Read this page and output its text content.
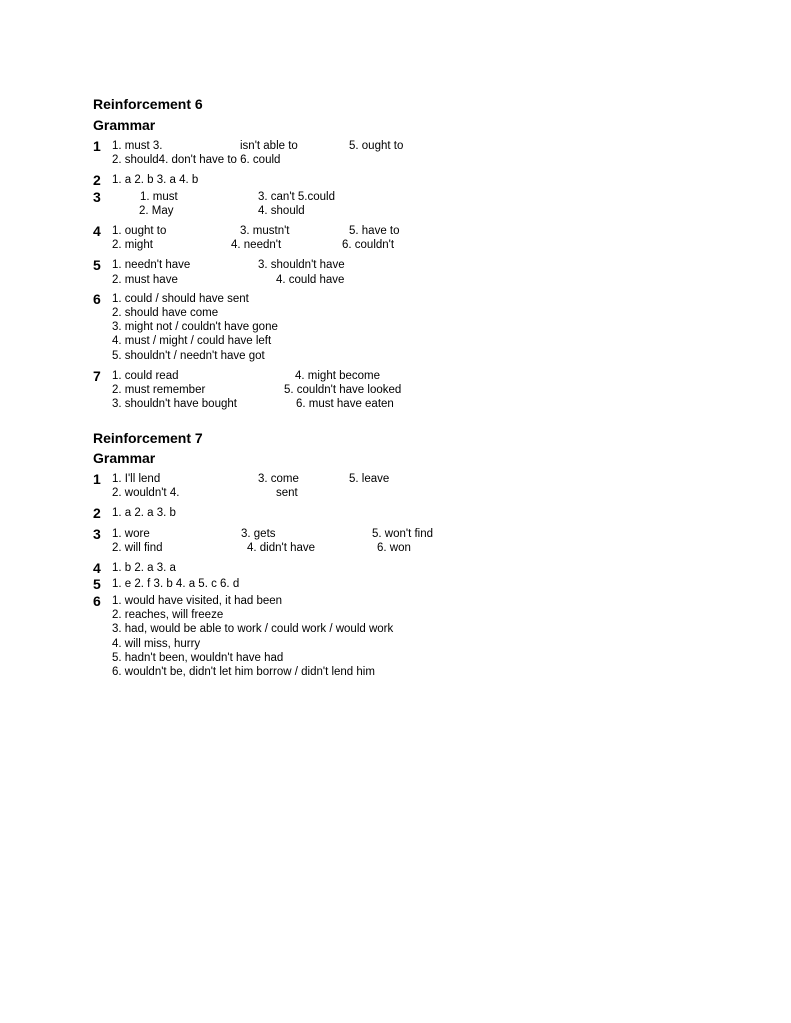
Reinforcement 6
Grammar
1 1. must 3.	isn't able to	5. ought to
2. should4. don't have to 6. could
2 1. a 2. b 3. a 4. b
3	1. must	3. can't 5.could
2. May	4. should
4 1. ought to	3. mustn't	5. have to
2. might	4. needn't	6. couldn't
5 1. needn't have	3. shouldn't have
2. must have	4. could have
6 1. could / should have sent
2. should have come
3. might not / couldn't have gone
4. must / might / could have left
5. shouldn't / needn't have got
7 1. could read	4. might become
2. must remember	5. couldn't have looked
3. shouldn't have bought	6. must have eaten
Reinforcement 7
Grammar
1 1. I'll lend	3. come	5. leave
2. wouldn't 4.	sent
2 1. a 2. a 3. b
3 1. wore	3. gets	5. won't find
2. will find	4. didn't have	6. won
4 1. b 2. a 3. a
5 1. e 2. f 3. b 4. a 5. c 6. d
6 1. would have visited, it had been
2. reaches, will freeze
3. had, would be able to work / could work / would work
4. will miss, hurry
5. hadn't been, wouldn't have had
6. wouldn't be, didn't let him borrow / didn't lend him
